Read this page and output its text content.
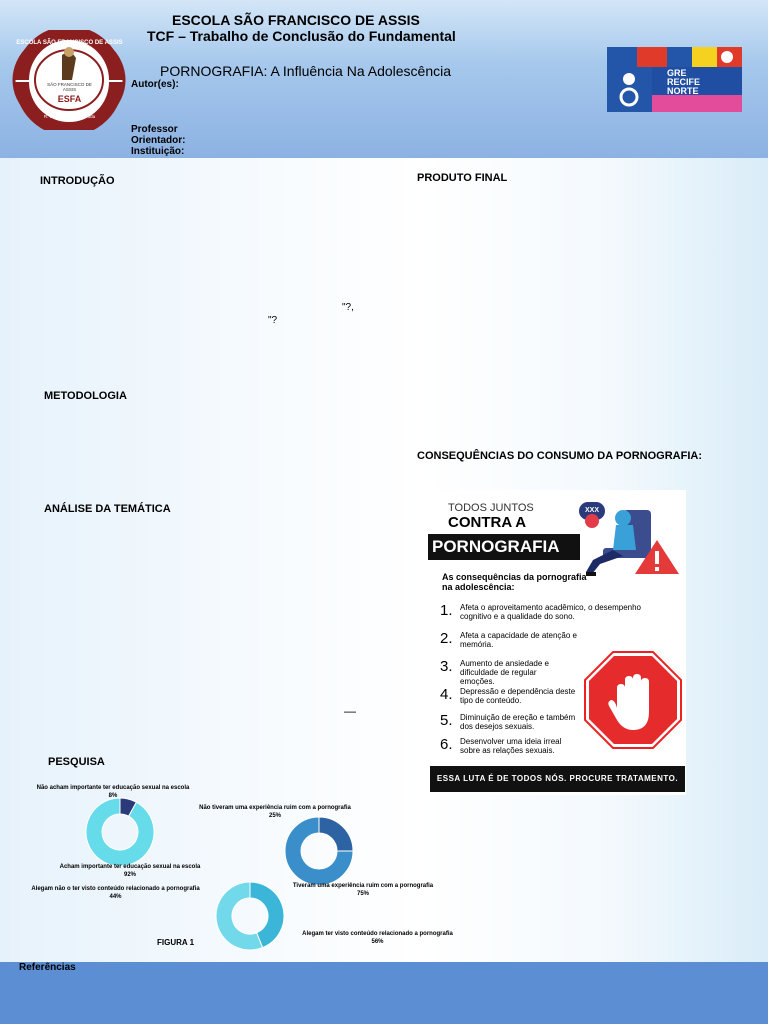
ESCOLA SÃO FRANCISCO DE ASSIS
SÃO FRANCISCO DE ASSIS
ESFA
R. São Bento, 157 Arruda
ESCOLA SÃO FRANCISCO DE ASSIS
TCF – Trabalho de Conclusão do Fundamental
PORNOGRAFIA: A Influência Na Adolescência
Autor(es):
Professor
Orientador:
Instituição:
GRE
RECIFE
NORTE
INTRODUÇÃO	PRODUTO FINAL
METODOLOGIA
CONSEQUÊNCIAS DO CONSUMO DA PORNOGRAFIA:
ANÁLISE DA TEMÁTICA
PESQUISA
"?,
"?
—
TODOS JUNTOS
CONTRA A
PORNOGRAFIA
XXX
As consequências da pornografia na adolescência:
ESSA LUTA É DE TODOS NÓS. PROCURE TRATAMENTO.
1. Afeta o aproveitamento acadêmico, o desempenho cognitivo e a qualidade do sono.
2. Afeta a capacidade de atenção e memória.
3. Aumento de ansiedade e dificuldade de regular emoções.
4. Depressão e dependência deste tipo de conteúdo.
5. Diminuição de ereção e também dos desejos sexuais.
6. Desenvolver uma ideia irreal sobre as relações sexuais.
Não acham importante ter educação sexual na escola
8%
Acham importante ter educação sexual na escola
92%
Não tiveram uma experiência ruim com a pornografia
25%
Tiveram uma experiência ruim com a pornografia
75%
Alegam não o ter visto conteúdo relacionado a pornografia
44%
Alegam ter visto conteúdo relacionado a pornografia
56%
FIGURA 1
Referências
